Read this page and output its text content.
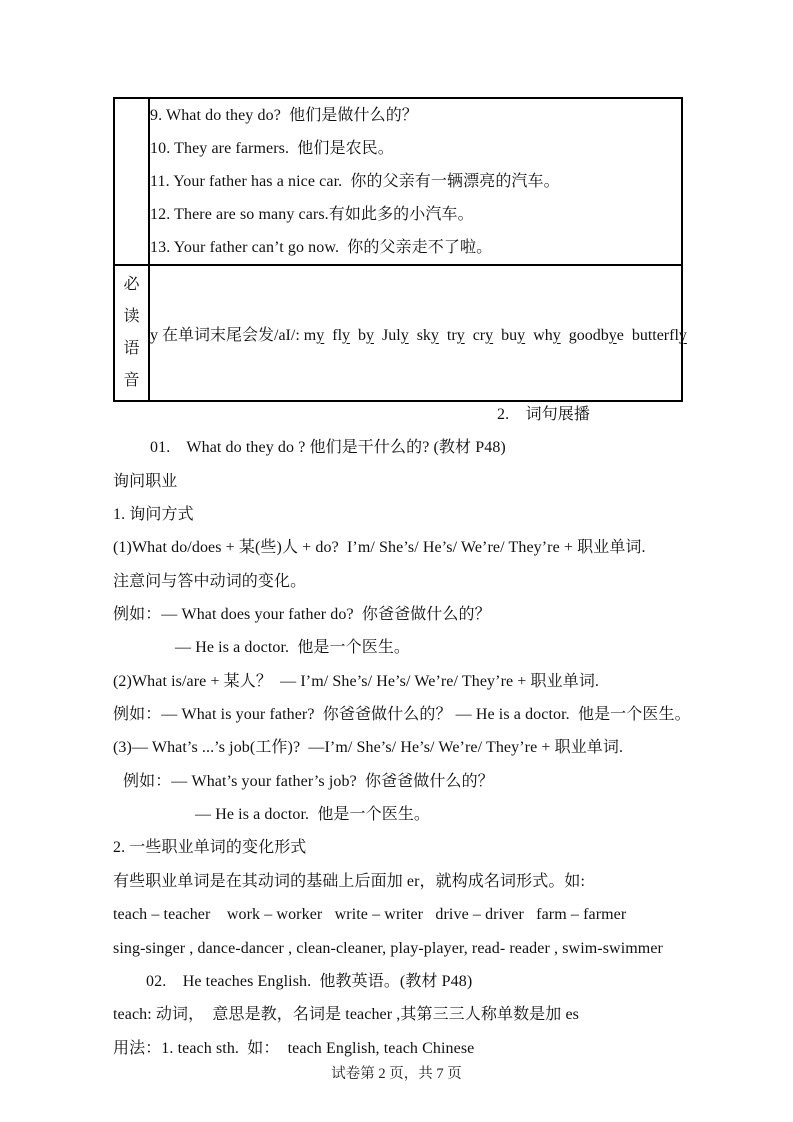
	9. What do they do?  他们是做什么的？

10. They are farmers.  他们是农民。

11. Your father has a nice car.  你的父亲有一辆漂亮的汽车。

12. There are so many cars.有如此多的小汽车。

13. Your father can’t go now.  你的父亲走不了啦。

必
读
语
音	y 在单词末尾会发/aI/: my fly by July sky try cry buy why goodbye butterfly

2.    词句展播

01.    What do they do ? 他们是干什么的? (教材 P48)

询问职业

1. 询问方式

(1)What do/does + 某(些)人 + do?  I’m/ She’s/ He’s/ We’re/ They’re + 职业单词.

注意问与答中动词的变化。

例如：— What does your father do?  你爸爸做什么的？

— He is a doctor.  他是一个医生。

(2)What is/are + 某人？  — I’m/ She’s/ He’s/ We’re/ They’re + 职业单词.

例如：— What is your father?  你爸爸做什么的？ — He is a doctor.  他是一个医生。

(3)— What’s ...’s job(工作)?  —I’m/ She’s/ He’s/ We’re/ They’re + 职业单词.

例如：— What’s your father’s job?  你爸爸做什么的？

— He is a doctor.  他是一个医生。

2. 一些职业单词的变化形式

有些职业单词是在其动词的基础上后面加 er，就构成名词形式。如:

teach – teacher    work – worker   write – writer   drive – driver   farm – farmer

sing-singer , dance-dancer , clean-cleaner, play-player, read- reader , swim-swimmer

02.    He teaches English.  他教英语。(教材 P48)

teach: 动词，  意思是教，名词是 teacher ,其第三三人称单数是加 es

用法：1. teach sth.  如：  teach English, teach Chinese

试卷第 2 页，共 7 页
